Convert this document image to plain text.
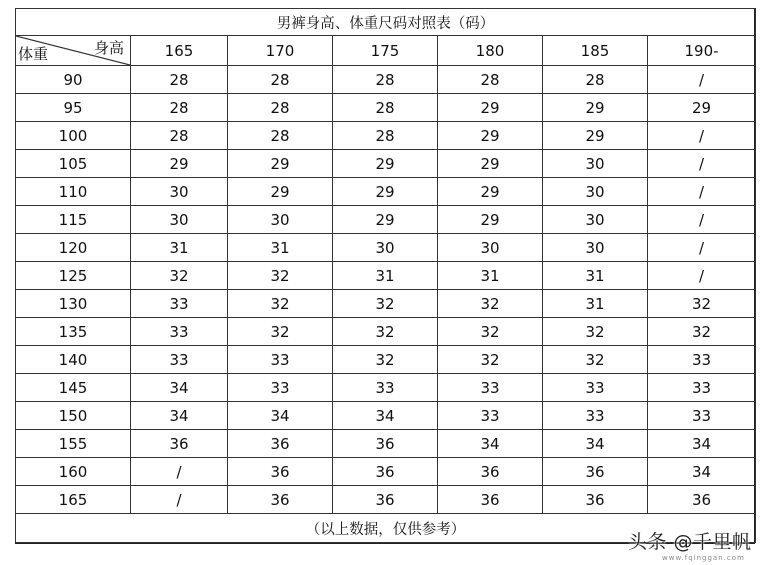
男裤身高、体重尺码对照表（码）						

身高
体重	165	170	175	180	185	190-
90	28	28	28	28	28	/
95	28	28	28	29	29	29
100	28	28	28	29	29	/
105	29	29	29	29	30	/
110	30	29	29	29	30	/
115	30	30	29	29	30	/
120	31	31	30	30	30	/
125	32	32	31	31	31	/
130	33	32	32	32	31	32
135	33	32	32	32	32	32
140	33	33	32	32	32	33
145	34	33	33	33	33	33
150	34	34	34	33	33	33
155	36	36	36	34	34	34
160	/	36	36	36	36	34
165	/	36	36	36	36	36
（以上数据，仅供参考）						
头条 @千里帆
www.fqinggan.com
